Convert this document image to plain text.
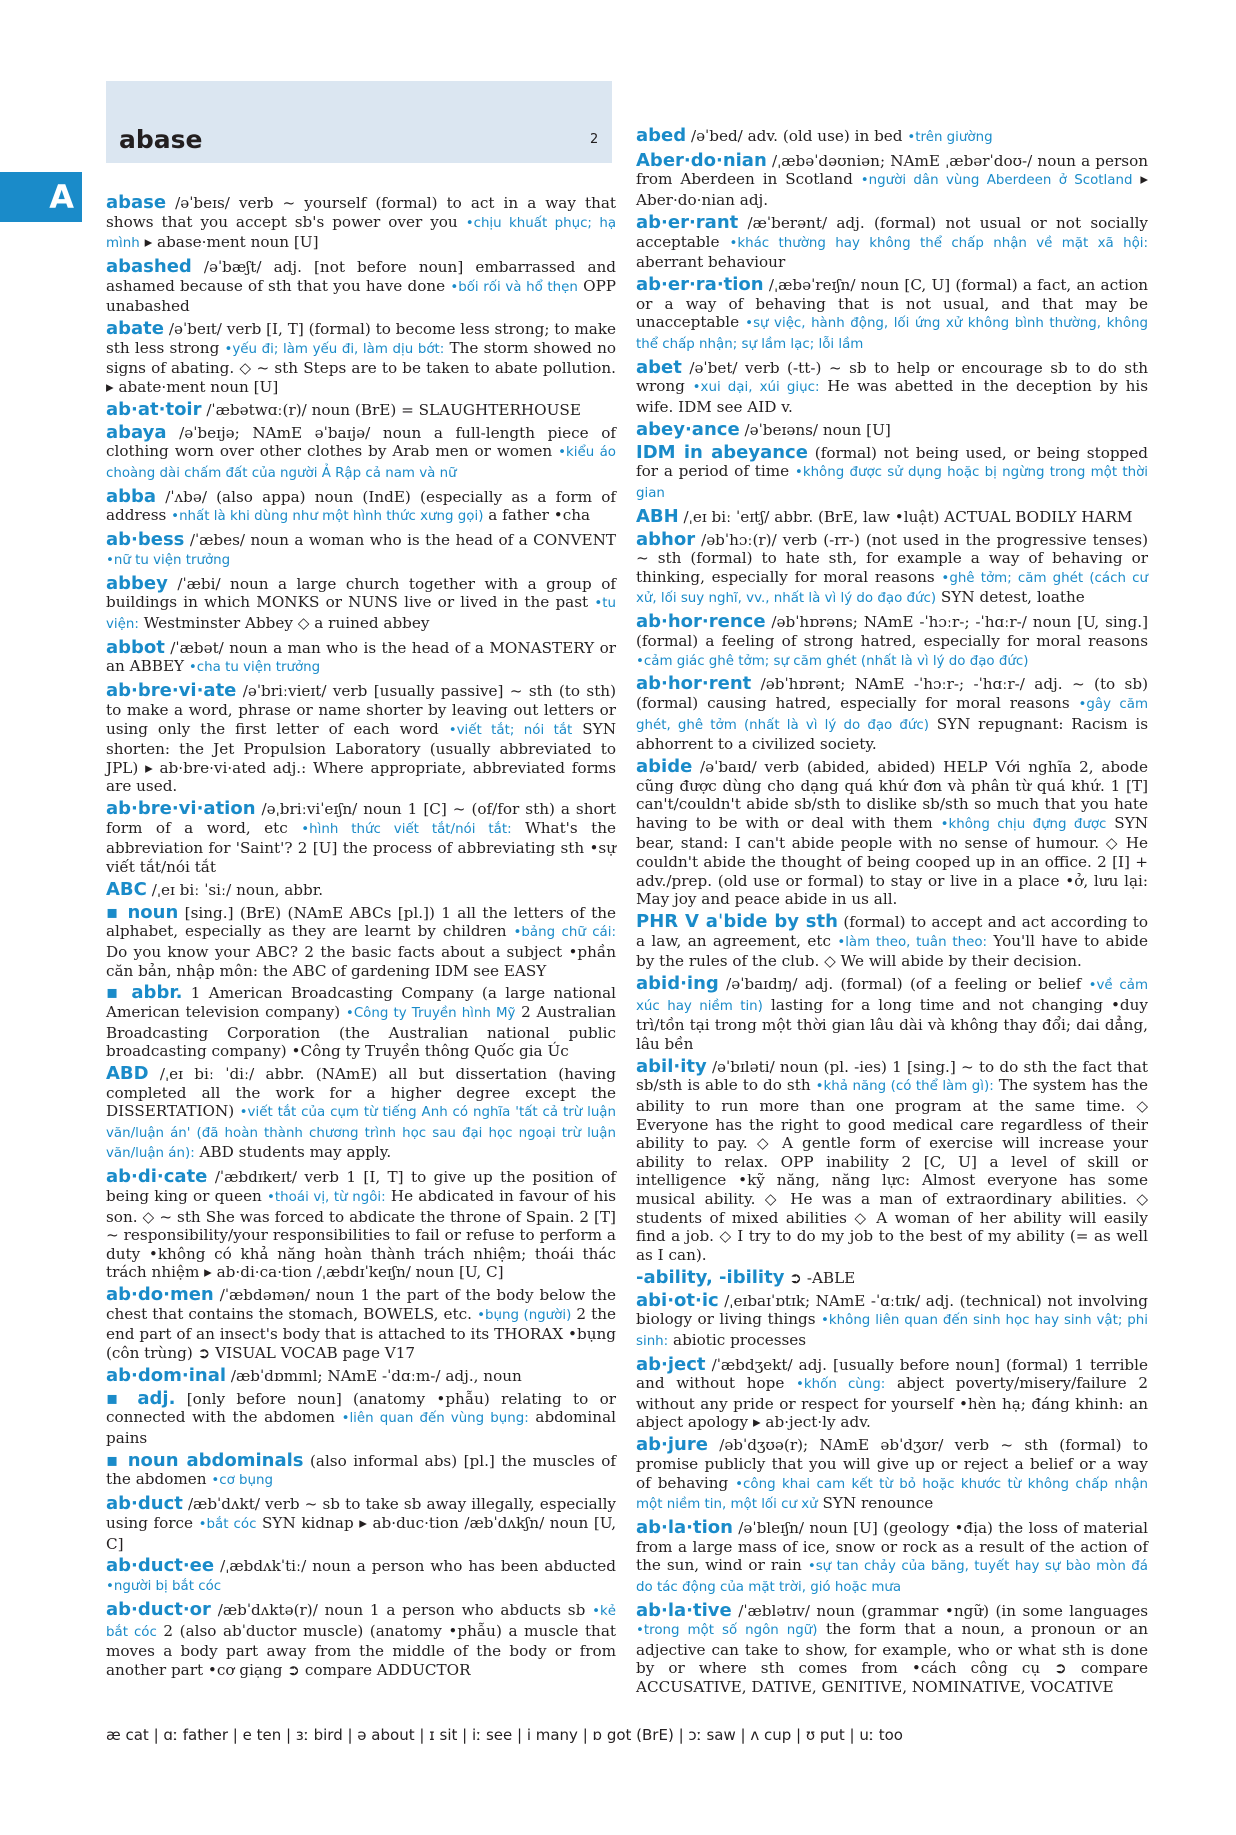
abase	2
A	abase /əˈbeɪs/ verb ~ yourself (formal) to act in a way that shows that you accept sb's power over you •chịu khuất phục; hạ mình ▸ abase·ment noun [U]

abashed /əˈbæʃt/ adj. [not before noun] embarrassed and ashamed because of sth that you have done •bối rối và hổ thẹn OPP unabashed

abate /əˈbeɪt/ verb [I, T] (formal) to become less strong; to make sth less strong •yếu đi; làm yếu đi, làm dịu bớt: The storm showed no signs of abating. ◇ ~ sth Steps are to be taken to abate pollution. ▸ abate·ment noun [U]

ab·at·toir /ˈæbətwɑː(r)/ noun (BrE) = SLAUGHTERHOUSE

abaya /əˈbeɪjə; NAmE əˈbaɪjə/ noun a full-length piece of clothing worn over other clothes by Arab men or women •kiểu áo choàng dài chấm đất của người Ả Rập cả nam và nữ

abba /ˈʌbə/ (also appa) noun (IndE) (especially as a form of address •nhất là khi dùng như một hình thức xưng gọi) a father •cha

ab·bess /ˈæbes/ noun a woman who is the head of a CONVENT •nữ tu viện trưởng

abbey /ˈæbi/ noun a large church together with a group of buildings in which MONKS or NUNS live or lived in the past •tu viện: Westminster Abbey ◇ a ruined abbey

abbot /ˈæbət/ noun a man who is the head of a MONASTERY or an ABBEY •cha tu viện trưởng

ab·bre·vi·ate /əˈbriːvieɪt/ verb [usually passive] ~ sth (to sth) to make a word, phrase or name shorter by leaving out letters or using only the first letter of each word •viết tắt; nói tắt SYN shorten: the Jet Propulsion Laboratory (usually abbreviated to JPL) ▸ ab·bre·vi·ated adj.: Where appropriate, abbreviated forms are used.

ab·bre·vi·ation /əˌbriːviˈeɪʃn/ noun 1 [C] ~ (of/for sth) a short form of a word, etc •hình thức viết tắt/nói tắt: What's the abbreviation for 'Saint'? 2 [U] the process of abbreviating sth •sự viết tắt/nói tắt

ABC /ˌeɪ biː ˈsiː/ noun, abbr.

▪ noun [sing.] (BrE) (NAmE ABCs [pl.]) 1 all the letters of the alphabet, especially as they are learnt by children •bảng chữ cái: Do you know your ABC? 2 the basic facts about a subject •phần căn bản, nhập môn: the ABC of gardening IDM see EASY

▪ abbr. 1 American Broadcasting Company (a large national American television company) •Công ty Truyền hình Mỹ 2 Australian Broadcasting Corporation (the Australian national public broadcasting company) •Công ty Truyền thông Quốc gia Úc

ABD /ˌeɪ biː ˈdiː/ abbr. (NAmE) all but dissertation (having completed all the work for a higher degree except the DISSERTATION) •viết tắt của cụm từ tiếng Anh có nghĩa 'tất cả trừ luận văn/luận án' (đã hoàn thành chương trình học sau đại học ngoại trừ luận văn/luận án): ABD students may apply.

ab·di·cate /ˈæbdɪkeɪt/ verb 1 [I, T] to give up the position of being king or queen •thoái vị, từ ngôi: He abdicated in favour of his son. ◇ ~ sth She was forced to abdicate the throne of Spain. 2 [T] ~ responsibility/your responsibilities to fail or refuse to perform a duty •không có khả năng hoàn thành trách nhiệm; thoái thác trách nhiệm ▸ ab·di·ca·tion /ˌæbdɪˈkeɪʃn/ noun [U, C]

ab·do·men /ˈæbdəmən/ noun 1 the part of the body below the chest that contains the stomach, BOWELS, etc. •bụng (người) 2 the end part of an insect's body that is attached to its THORAX •bụng (côn trùng) ➲ VISUAL VOCAB page V17

ab·dom·inal /æbˈdɒmɪnl; NAmE -ˈdɑːm-/ adj., noun

▪ adj. [only before noun] (anatomy •phẫu) relating to or connected with the abdomen •liên quan đến vùng bụng: abdominal pains

▪ noun abdominals (also informal abs) [pl.] the muscles of the abdomen •cơ bụng

ab·duct /æbˈdʌkt/ verb ~ sb to take sb away illegally, especially using force •bắt cóc SYN kidnap ▸ ab·duc·tion /æbˈdʌkʃn/ noun [U, C]

ab·duct·ee /ˌæbdʌkˈtiː/ noun a person who has been abducted •người bị bắt cóc

ab·duct·or /æbˈdʌktə(r)/ noun 1 a person who abducts sb •kẻ bắt cóc 2 (also abˈductor muscle) (anatomy •phẫu) a muscle that moves a body part away from the middle of the body or from another part •cơ giạng ➲ compare ADDUCTOR

abed /əˈbed/ adv. (old use) in bed •trên giường

Aber·do·nian /ˌæbəˈdəʊniən; NAmE ˌæbərˈdoʊ-/ noun a person from Aberdeen in Scotland •người dân vùng Aberdeen ở Scotland ▸ Aber·do·nian adj.

ab·er·rant /æˈberənt/ adj. (formal) not usual or not socially acceptable •khác thường hay không thể chấp nhận về mặt xã hội: aberrant behaviour

ab·er·ra·tion /ˌæbəˈreɪʃn/ noun [C, U] (formal) a fact, an action or a way of behaving that is not usual, and that may be unacceptable •sự việc, hành động, lối ứng xử không bình thường, không thể chấp nhận; sự lầm lạc; lỗi lầm

abet /əˈbet/ verb (-tt-) ~ sb to help or encourage sb to do sth wrong •xui dại, xúi giục: He was abetted in the deception by his wife. IDM see AID v.

abey·ance /əˈbeɪəns/ noun [U]

IDM in abeyance (formal) not being used, or being stopped for a period of time •không được sử dụng hoặc bị ngừng trong một thời gian

ABH /ˌeɪ biː ˈeɪtʃ/ abbr. (BrE, law •luật) ACTUAL BODILY HARM

abhor /əbˈhɔː(r)/ verb (-rr-) (not used in the progressive tenses) ~ sth (formal) to hate sth, for example a way of behaving or thinking, especially for moral reasons •ghê tởm; căm ghét (cách cư xử, lối suy nghĩ, vv., nhất là vì lý do đạo đức) SYN detest, loathe

ab·hor·rence /əbˈhɒrəns; NAmE -ˈhɔːr-; -ˈhɑːr-/ noun [U, sing.] (formal) a feeling of strong hatred, especially for moral reasons •cảm giác ghê tởm; sự căm ghét (nhất là vì lý do đạo đức)

ab·hor·rent /əbˈhɒrənt; NAmE -ˈhɔːr-; -ˈhɑːr-/ adj. ~ (to sb) (formal) causing hatred, especially for moral reasons •gây căm ghét, ghê tởm (nhất là vì lý do đạo đức) SYN repugnant: Racism is abhorrent to a civilized society.

abide /əˈbaɪd/ verb (abided, abided) HELP Với nghĩa 2, abode cũng được dùng cho dạng quá khứ đơn và phân từ quá khứ. 1 [T] can't/couldn't abide sb/sth to dislike sb/sth so much that you hate having to be with or deal with them •không chịu đựng được SYN bear, stand: I can't abide people with no sense of humour. ◇ He couldn't abide the thought of being cooped up in an office. 2 [I] + adv./prep. (old use or formal) to stay or live in a place •ở, lưu lại: May joy and peace abide in us all.

PHR V aˈbide by sth (formal) to accept and act according to a law, an agreement, etc •làm theo, tuân theo: You'll have to abide by the rules of the club. ◇ We will abide by their decision.

abid·ing /əˈbaɪdɪŋ/ adj. (formal) (of a feeling or belief •về cảm xúc hay niềm tin) lasting for a long time and not changing •duy trì/tồn tại trong một thời gian lâu dài và không thay đổi; dai dẳng, lâu bền

abil·ity /əˈbɪləti/ noun (pl. -ies) 1 [sing.] ~ to do sth the fact that sb/sth is able to do sth •khả năng (có thể làm gì): The system has the ability to run more than one program at the same time. ◇ Everyone has the right to good medical care regardless of their ability to pay. ◇ A gentle form of exercise will increase your ability to relax. OPP inability 2 [C, U] a level of skill or intelligence •kỹ năng, năng lực: Almost everyone has some musical ability. ◇ He was a man of extraordinary abilities. ◇ students of mixed abilities ◇ A woman of her ability will easily find a job. ◇ I try to do my job to the best of my ability (= as well as I can).

-ability, -ibility ➲ -ABLE

abi·ot·ic /ˌeɪbaɪˈɒtɪk; NAmE -ˈɑːtɪk/ adj. (technical) not involving biology or living things •không liên quan đến sinh học hay sinh vật; phi sinh: abiotic processes

ab·ject /ˈæbdʒekt/ adj. [usually before noun] (formal) 1 terrible and without hope •khốn cùng: abject poverty/misery/failure 2 without any pride or respect for yourself •hèn hạ; đáng khinh: an abject apology ▸ ab·ject·ly adv.

ab·jure /əbˈdʒʊə(r); NAmE əbˈdʒʊr/ verb ~ sth (formal) to promise publicly that you will give up or reject a belief or a way of behaving •công khai cam kết từ bỏ hoặc khước từ không chấp nhận một niềm tin, một lối cư xử SYN renounce

ab·la·tion /əˈbleɪʃn/ noun [U] (geology •địa) the loss of material from a large mass of ice, snow or rock as a result of the action of the sun, wind or rain •sự tan chảy của băng, tuyết hay sự bào mòn đá do tác động của mặt trời, gió hoặc mưa

ab·la·tive /ˈæblətɪv/ noun (grammar •ngữ) (in some languages •trong một số ngôn ngữ) the form that a noun, a pronoun or an adjective can take to show, for example, who or what sth is done by or where sth comes from •cách công cụ ➲ compare ACCUSATIVE, DATIVE, GENITIVE, NOMINATIVE, VOCATIVE

æ cat | ɑː father | e ten | ɜː bird | ə about | ɪ sit | iː see | i many | ɒ got (BrE) | ɔː saw | ʌ cup | ʊ put | uː too
